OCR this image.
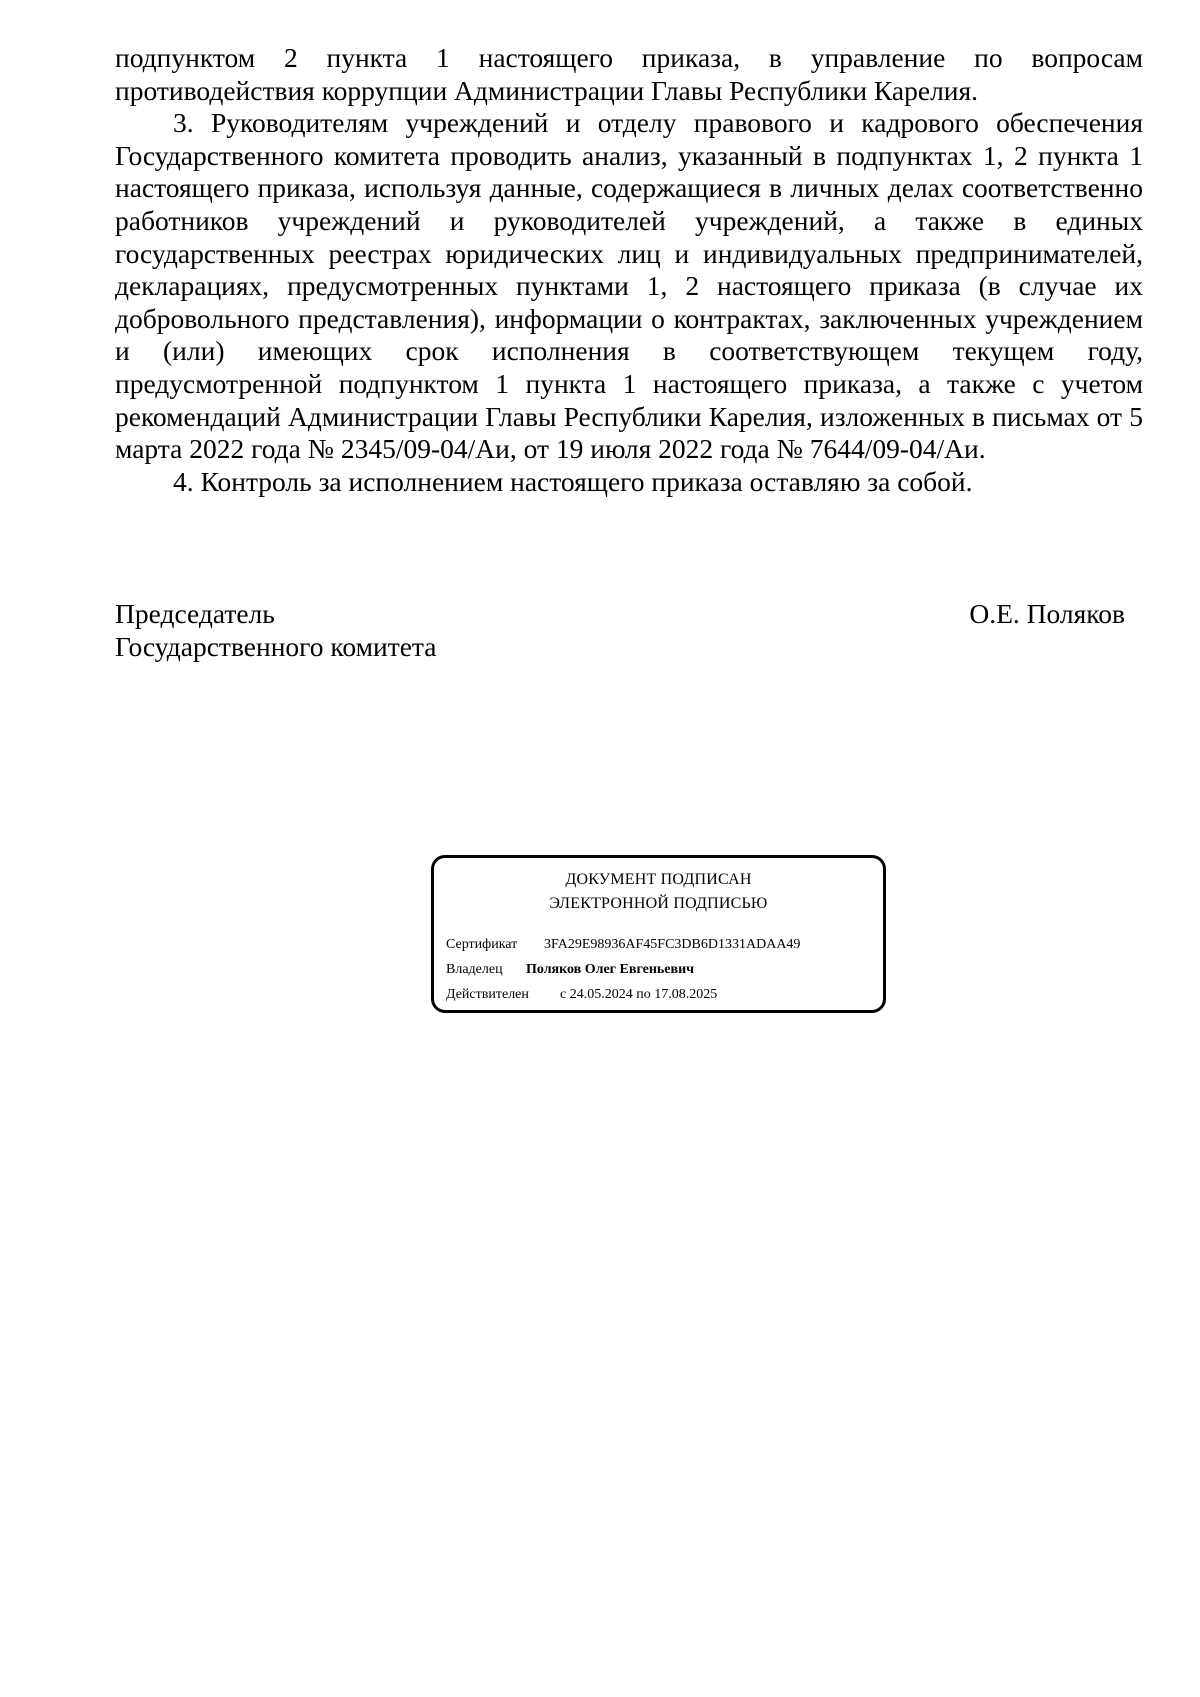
подпунктом 2 пункта 1 настоящего приказа, в управление по вопросам противодействия коррупции Администрации Главы Республики Карелия.

3. Руководителям учреждений и отделу правового и кадрового обеспечения Государственного комитета проводить анализ, указанный в подпунктах 1, 2 пункта 1 настоящего приказа, используя данные, содержащиеся в личных делах соответственно работников учреждений и руководителей учреждений, а также в единых государственных реестрах юридических лиц и индивидуальных предпринимателей, декларациях, предусмотренных пунктами 1, 2 настоящего приказа (в случае их добровольного представления), информации о контрактах, заключенных учреждением и (или) имеющих срок исполнения в соответствующем текущем году, предусмотренной подпунктом 1 пункта 1 настоящего приказа, а также с учетом рекомендаций Администрации Главы Республики Карелия, изложенных в письмах от 5 марта 2022 года № 2345/09-04/Аи, от 19 июля 2022 года № 7644/09-04/Аи.

4. Контроль за исполнением настоящего приказа оставляю за собой.

Председатель
Государственного комитета
О.Е. Поляков
ДОКУМЕНТ ПОДПИСАН
ЭЛЕКТРОННОЙ ПОДПИСЬЮ
Сертификат 3FA29E98936AF45FC3DB6D1331ADAA49
Владелец Поляков Олег Евгеньевич
Действителен с 24.05.2024 по 17.08.2025
